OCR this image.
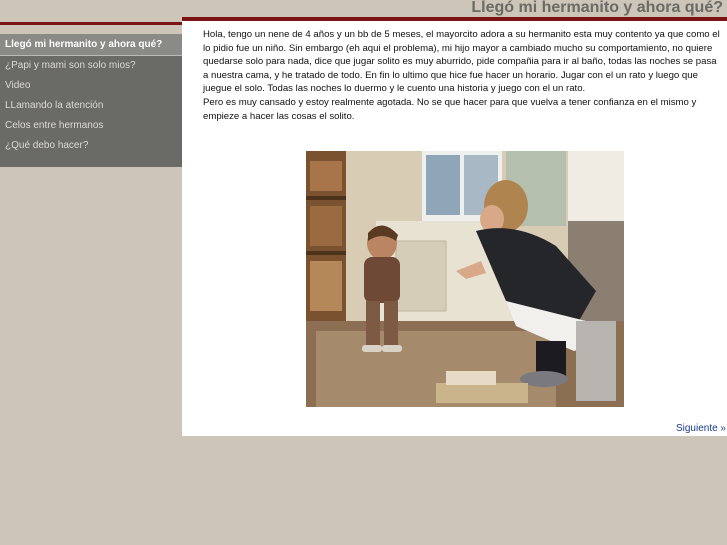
Llegó mi hermanito y ahora qué?
Llegó mi hermanito y ahora qué?
¿Papi y mami son solo mios?
Video
LLamando la atención
Celos entre hermanos
¿Qué debo hacer?

Hola, tengo un nene de 4 años y un bb de 5 meses, el mayorcito adora a su hermanito esta muy contento ya que como el lo pidio fue un niño. Sin embargo (eh aqui el problema), mi hijo mayor a cambiado mucho su comportamiento, no quiere quedarse solo para nada, dice que jugar solito es muy aburrido, pide compañia para ir al baño, todas las noches se pasa a nuestra cama, y he tratado de todo. En fin lo ultimo que hice fue hacer un horario. Jugar con el un rato y luego que juegue el solo. Todas las noches lo duermo y le cuento una historia y juego con el un rato.

Pero es muy cansado y estoy realmente agotada. No se que hacer para que vuelva a tener confianza en el mismo y empieze a hacer las cosas el solito.

Siguiente »
